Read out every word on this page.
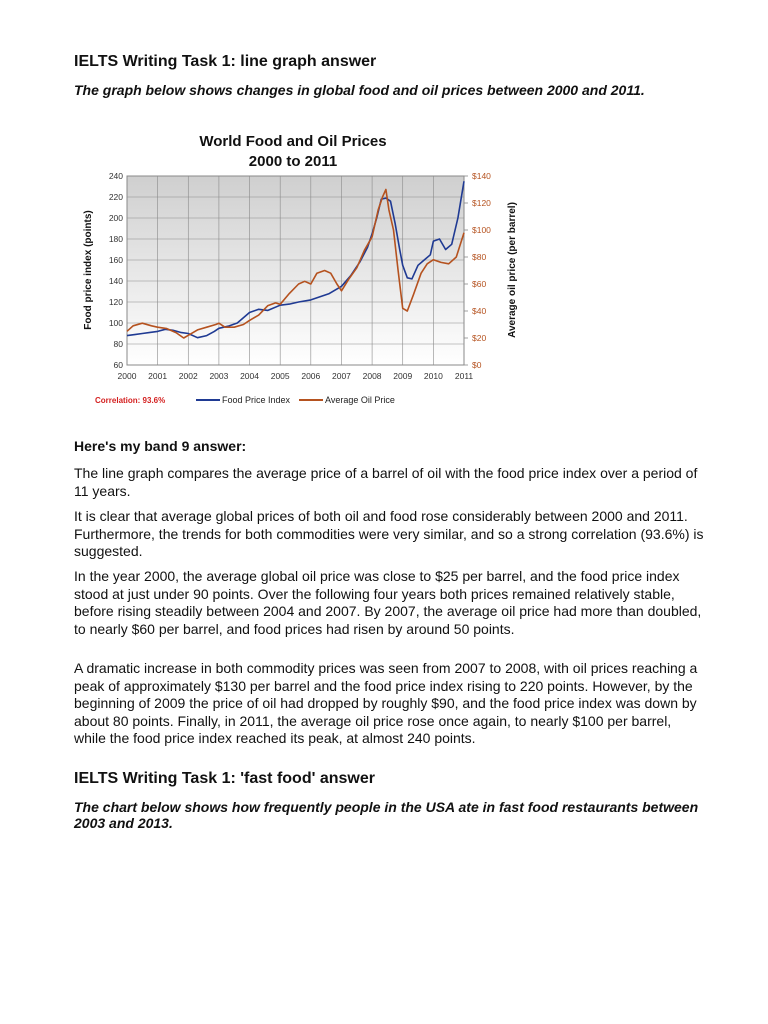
IELTS Writing Task 1: line graph answer

The graph below shows changes in global food and oil prices between 2000 and 2011.

World Food and Oil Prices
2000 to 2011
60
80
100
120
140
160
180
200
220
240
$0
$20
$40
$60
$80
$100
$120
$140
2000 2001 2002 2003 2004 2005 2006 2007 2008 2009 2010 2011
Food price index (points)	Average oil price (per barrel)
Correlation: 93.6%	Food Price Index	Average Oil Price

Here's my band 9 answer:

The line graph compares the average price of a barrel of oil with the food price index over a period of 11 years.

It is clear that average global prices of both oil and food rose considerably between 2000 and 2011. Furthermore, the trends for both commodities were very similar, and so a strong correlation (93.6%) is suggested.

In the year 2000, the average global oil price was close to $25 per barrel, and the food price index stood at just under 90 points. Over the following four years both prices remained relatively stable, before rising steadily between 2004 and 2007. By 2007, the average oil price had more than doubled, to nearly $60 per barrel, and food prices had risen by around 50 points.

A dramatic increase in both commodity prices was seen from 2007 to 2008, with oil prices reaching a peak of approximately $130 per barrel and the food price index rising to 220 points. However, by the beginning of 2009 the price of oil had dropped by roughly $90, and the food price index was down by about 80 points. Finally, in 2011, the average oil price rose once again, to nearly $100 per barrel, while the food price index reached its peak, at almost 240 points.

IELTS Writing Task 1: 'fast food' answer

The chart below shows how frequently people in the USA ate in fast food restaurants between 2003 and 2013.
